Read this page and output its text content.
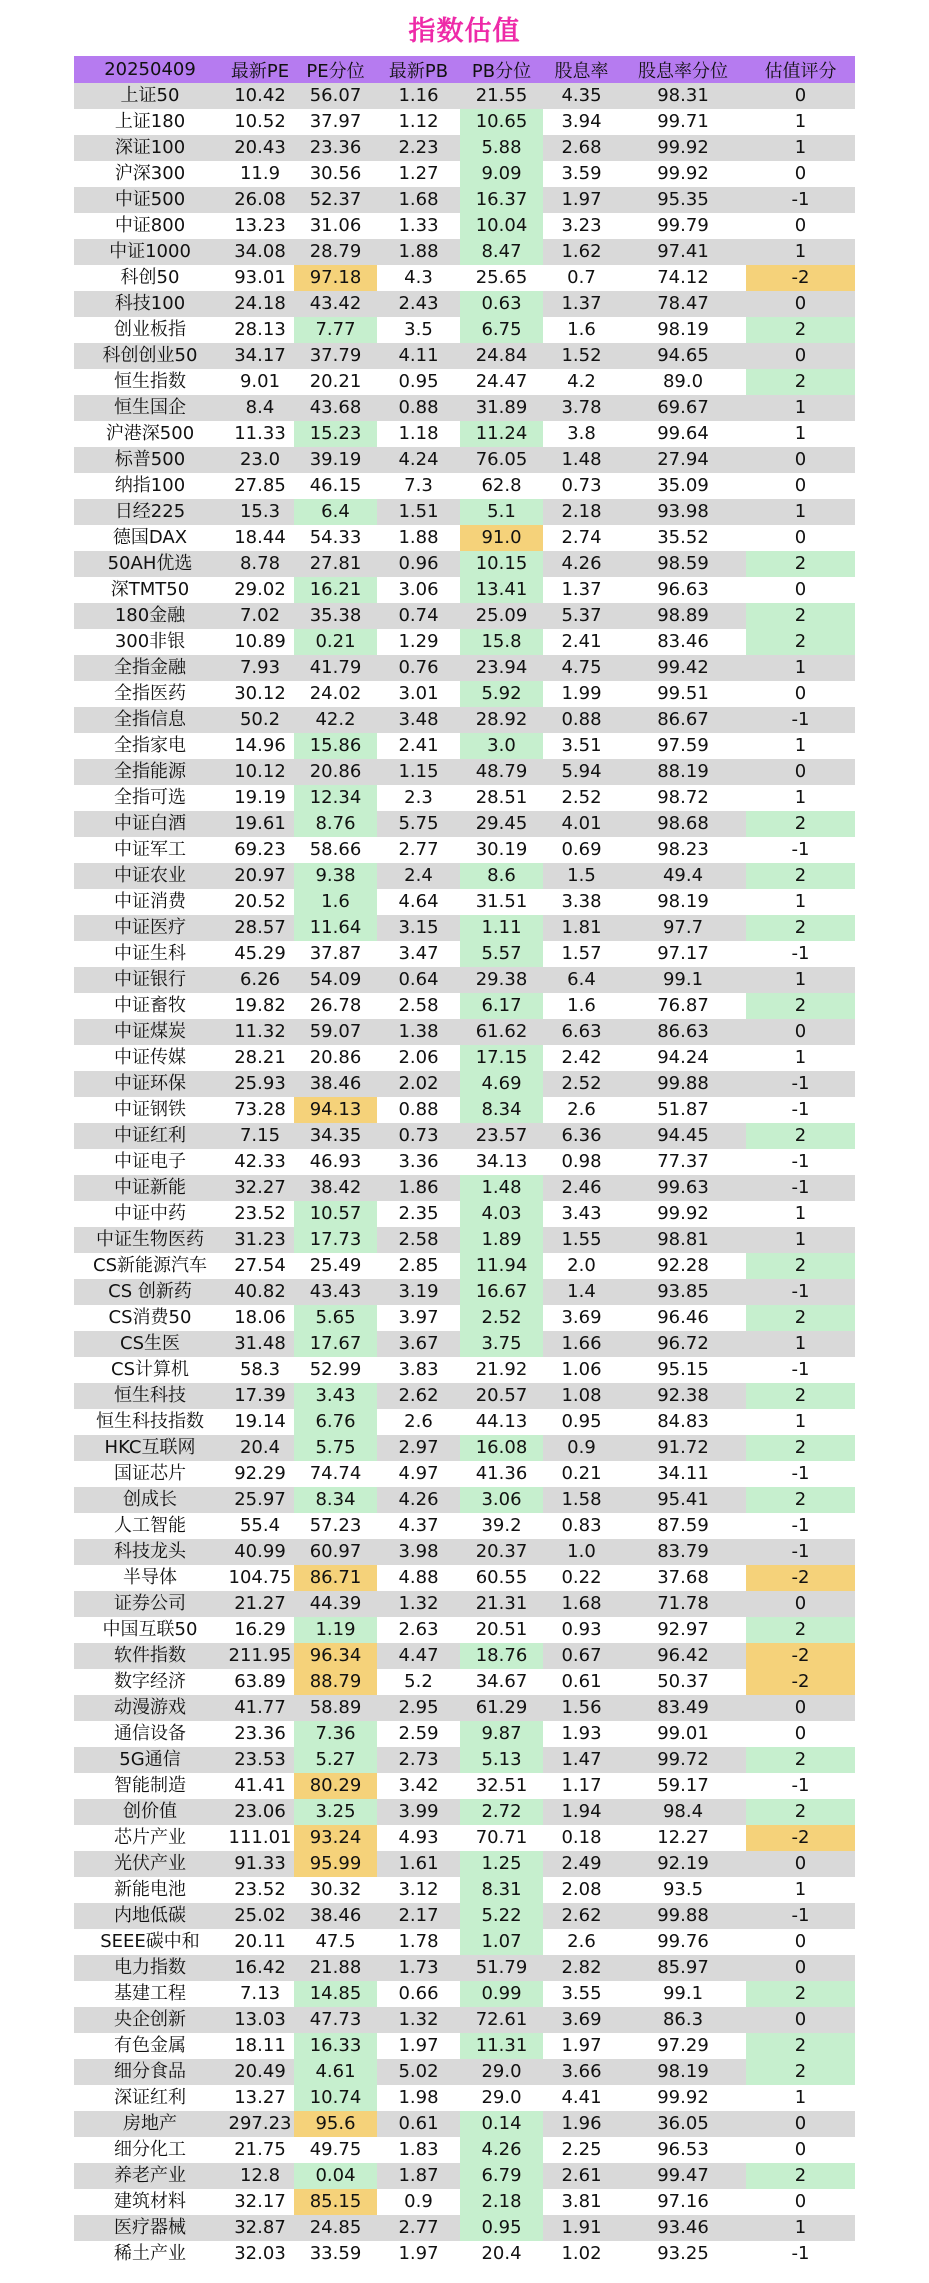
指数估值
20250409	最新PE	PE分位	最新PB	PB分位	股息率	股息率分位	估值评分
上证50	10.42	56.07	1.16	21.55	4.35	98.31	0
上证180	10.52	37.97	1.12	10.65	3.94	99.71	1
深证100	20.43	23.36	2.23	5.88	2.68	99.92	1
沪深300	11.9	30.56	1.27	9.09	3.59	99.92	0
中证500	26.08	52.37	1.68	16.37	1.97	95.35	-1
中证800	13.23	31.06	1.33	10.04	3.23	99.79	0
中证1000	34.08	28.79	1.88	8.47	1.62	97.41	1
科创50	93.01	97.18	4.3	25.65	0.7	74.12	-2
科技100	24.18	43.42	2.43	0.63	1.37	78.47	0
创业板指	28.13	7.77	3.5	6.75	1.6	98.19	2
科创创业50	34.17	37.79	4.11	24.84	1.52	94.65	0
恒生指数	9.01	20.21	0.95	24.47	4.2	89.0	2
恒生国企	8.4	43.68	0.88	31.89	3.78	69.67	1
沪港深500	11.33	15.23	1.18	11.24	3.8	99.64	1
标普500	23.0	39.19	4.24	76.05	1.48	27.94	0
纳指100	27.85	46.15	7.3	62.8	0.73	35.09	0
日经225	15.3	6.4	1.51	5.1	2.18	93.98	1
德国DAX	18.44	54.33	1.88	91.0	2.74	35.52	0
50AH优选	8.78	27.81	0.96	10.15	4.26	98.59	2
深TMT50	29.02	16.21	3.06	13.41	1.37	96.63	0
180金融	7.02	35.38	0.74	25.09	5.37	98.89	2
300非银	10.89	0.21	1.29	15.8	2.41	83.46	2
全指金融	7.93	41.79	0.76	23.94	4.75	99.42	1
全指医药	30.12	24.02	3.01	5.92	1.99	99.51	0
全指信息	50.2	42.2	3.48	28.92	0.88	86.67	-1
全指家电	14.96	15.86	2.41	3.0	3.51	97.59	1
全指能源	10.12	20.86	1.15	48.79	5.94	88.19	0
全指可选	19.19	12.34	2.3	28.51	2.52	98.72	1
中证白酒	19.61	8.76	5.75	29.45	4.01	98.68	2
中证军工	69.23	58.66	2.77	30.19	0.69	98.23	-1
中证农业	20.97	9.38	2.4	8.6	1.5	49.4	2
中证消费	20.52	1.6	4.64	31.51	3.38	98.19	1
中证医疗	28.57	11.64	3.15	1.11	1.81	97.7	2
中证生科	45.29	37.87	3.47	5.57	1.57	97.17	-1
中证银行	6.26	54.09	0.64	29.38	6.4	99.1	1
中证畜牧	19.82	26.78	2.58	6.17	1.6	76.87	2
中证煤炭	11.32	59.07	1.38	61.62	6.63	86.63	0
中证传媒	28.21	20.86	2.06	17.15	2.42	94.24	1
中证环保	25.93	38.46	2.02	4.69	2.52	99.88	-1
中证钢铁	73.28	94.13	0.88	8.34	2.6	51.87	-1
中证红利	7.15	34.35	0.73	23.57	6.36	94.45	2
中证电子	42.33	46.93	3.36	34.13	0.98	77.37	-1
中证新能	32.27	38.42	1.86	1.48	2.46	99.63	-1
中证中药	23.52	10.57	2.35	4.03	3.43	99.92	1
中证生物医药	31.23	17.73	2.58	1.89	1.55	98.81	1
CS新能源汽车	27.54	25.49	2.85	11.94	2.0	92.28	2
CS 创新药	40.82	43.43	3.19	16.67	1.4	93.85	-1
CS消费50	18.06	5.65	3.97	2.52	3.69	96.46	2
CS生医	31.48	17.67	3.67	3.75	1.66	96.72	1
CS计算机	58.3	52.99	3.83	21.92	1.06	95.15	-1
恒生科技	17.39	3.43	2.62	20.57	1.08	92.38	2
恒生科技指数	19.14	6.76	2.6	44.13	0.95	84.83	1
HKC互联网	20.4	5.75	2.97	16.08	0.9	91.72	2
国证芯片	92.29	74.74	4.97	41.36	0.21	34.11	-1
创成长	25.97	8.34	4.26	3.06	1.58	95.41	2
人工智能	55.4	57.23	4.37	39.2	0.83	87.59	-1
科技龙头	40.99	60.97	3.98	20.37	1.0	83.79	-1
半导体	104.75	86.71	4.88	60.55	0.22	37.68	-2
证券公司	21.27	44.39	1.32	21.31	1.68	71.78	0
中国互联50	16.29	1.19	2.63	20.51	0.93	92.97	2
软件指数	211.95	96.34	4.47	18.76	0.67	96.42	-2
数字经济	63.89	88.79	5.2	34.67	0.61	50.37	-2
动漫游戏	41.77	58.89	2.95	61.29	1.56	83.49	0
通信设备	23.36	7.36	2.59	9.87	1.93	99.01	0
5G通信	23.53	5.27	2.73	5.13	1.47	99.72	2
智能制造	41.41	80.29	3.42	32.51	1.17	59.17	-1
创价值	23.06	3.25	3.99	2.72	1.94	98.4	2
芯片产业	111.01	93.24	4.93	70.71	0.18	12.27	-2
光伏产业	91.33	95.99	1.61	1.25	2.49	92.19	0
新能电池	23.52	30.32	3.12	8.31	2.08	93.5	1
内地低碳	25.02	38.46	2.17	5.22	2.62	99.88	-1
SEEE碳中和	20.11	47.5	1.78	1.07	2.6	99.76	0
电力指数	16.42	21.88	1.73	51.79	2.82	85.97	0
基建工程	7.13	14.85	0.66	0.99	3.55	99.1	2
央企创新	13.03	47.73	1.32	72.61	3.69	86.3	0
有色金属	18.11	16.33	1.97	11.31	1.97	97.29	2
细分食品	20.49	4.61	5.02	29.0	3.66	98.19	2
深证红利	13.27	10.74	1.98	29.0	4.41	99.92	1
房地产	297.23	95.6	0.61	0.14	1.96	36.05	0
细分化工	21.75	49.75	1.83	4.26	2.25	96.53	0
养老产业	12.8	0.04	1.87	6.79	2.61	99.47	2
建筑材料	32.17	85.15	0.9	2.18	3.81	97.16	0
医疗器械	32.87	24.85	2.77	0.95	1.91	93.46	1
稀土产业	32.03	33.59	1.97	20.4	1.02	93.25	-1
